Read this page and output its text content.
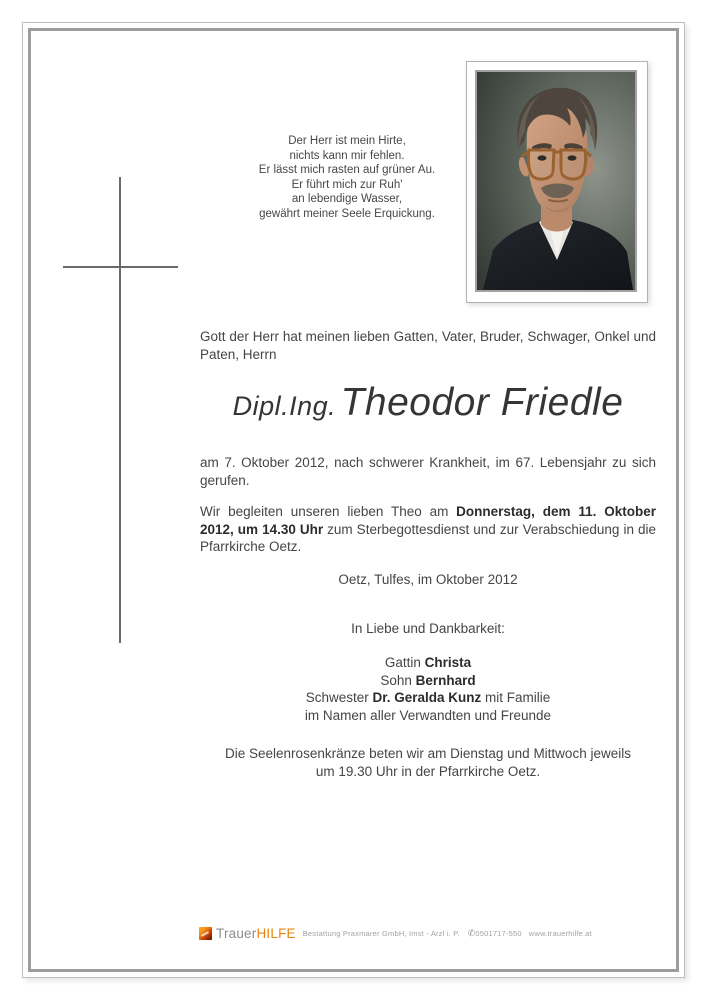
Der Herr ist mein Hirte,
nichts kann mir fehlen.
Er lässt mich rasten auf grüner Au.
Er führt mich zur Ruh'
an lebendige Wasser,
gewährt meiner Seele Erquickung.
Gott der Herr hat meinen lieben Gatten, Vater, Bruder, Schwager, Onkel und Paten, Herrn
Dipl.Ing. Theodor Friedle
am 7. Oktober 2012, nach schwerer Krankheit, im 67. Lebensjahr zu sich gerufen.
Wir begleiten unseren lieben Theo am Donnerstag, dem 11. Oktober 2012, um 14.30 Uhr zum Sterbegottesdienst und zur Verabschiedung in die Pfarrkirche Oetz.
Oetz, Tulfes, im Oktober 2012
In Liebe und Dankbarkeit:
Gattin Christa
Sohn Bernhard
Schwester Dr. Geralda Kunz mit Familie
im Namen aller Verwandten und Freunde
Die Seelenrosenkränze beten wir am Dienstag und Mittwoch jeweils
um 19.30 Uhr in der Pfarrkirche Oetz.
TrauerHILFE Bestattung Praxmarer GmbH, Imst - Arzl i. P. ✆ 0501717-550 www.trauerhilfe.at
